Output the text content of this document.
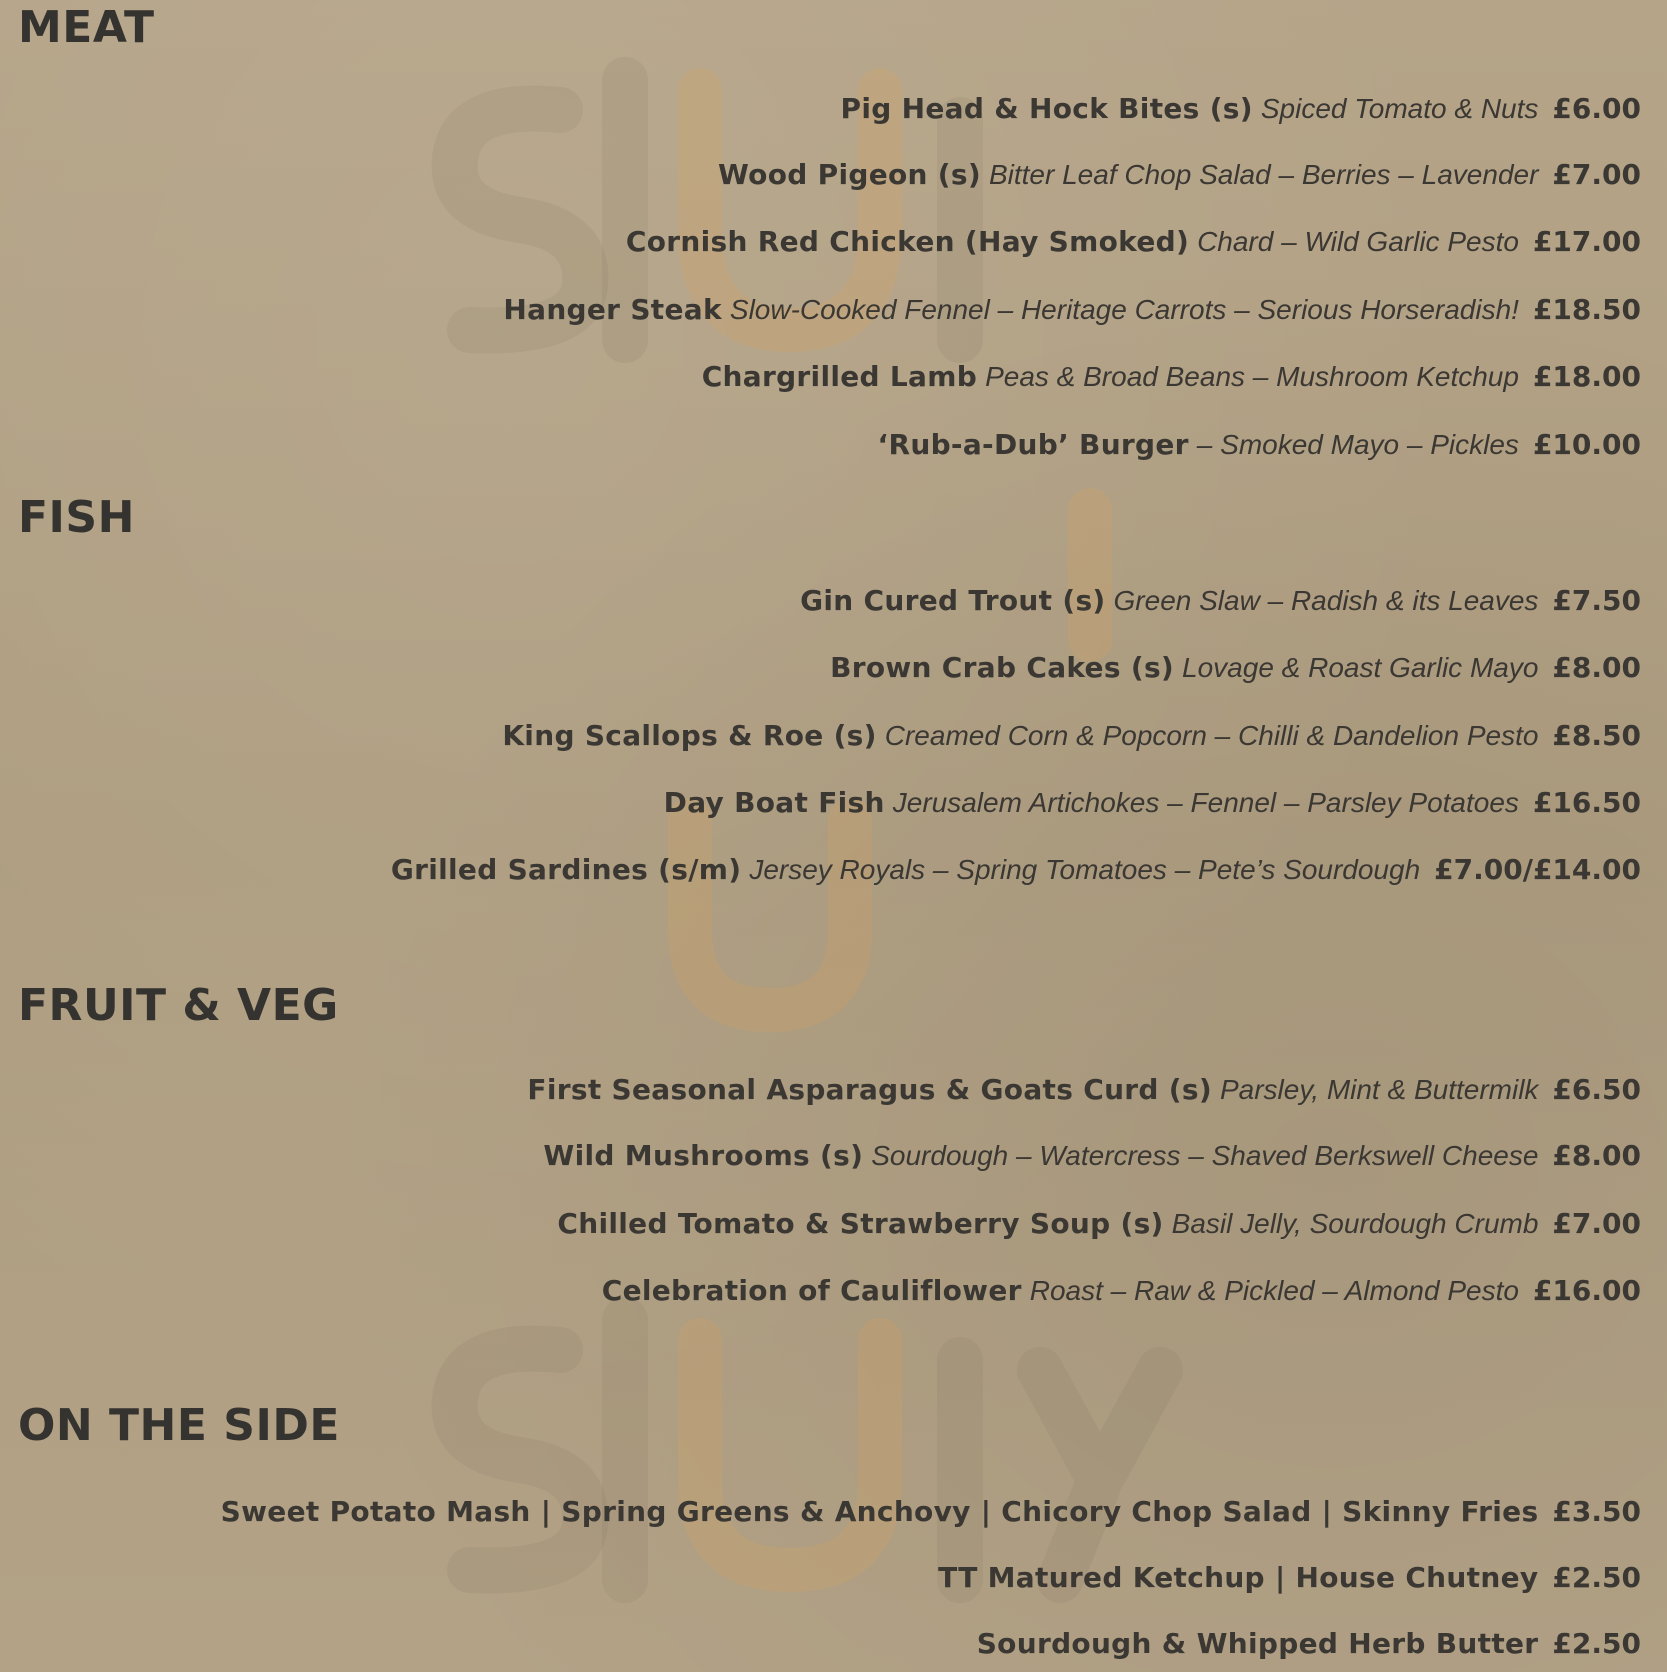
MEAT
Pig Head & Hock Bites (s) Spiced Tomato & Nuts £6.00
Wood Pigeon (s) Bitter Leaf Chop Salad – Berries – Lavender £7.00
Cornish Red Chicken (Hay Smoked) Chard – Wild Garlic Pesto £17.00
Hanger Steak Slow-Cooked Fennel – Heritage Carrots – Serious Horseradish! £18.50
Chargrilled Lamb Peas & Broad Beans – Mushroom Ketchup £18.00
‘Rub-a-Dub’ Burger – Smoked Mayo – Pickles £10.00
FISH
Gin Cured Trout (s) Green Slaw – Radish & its Leaves £7.50
Brown Crab Cakes (s) Lovage & Roast Garlic Mayo £8.00
King Scallops & Roe (s) Creamed Corn & Popcorn – Chilli & Dandelion Pesto £8.50
Day Boat Fish Jerusalem Artichokes – Fennel – Parsley Potatoes £16.50
Grilled Sardines (s/m) Jersey Royals – Spring Tomatoes – Pete’s Sourdough £7.00/£14.00
FRUIT & VEG
First Seasonal Asparagus & Goats Curd (s) Parsley, Mint & Buttermilk £6.50
Wild Mushrooms (s) Sourdough – Watercress – Shaved Berkswell Cheese £8.00
Chilled Tomato & Strawberry Soup (s) Basil Jelly, Sourdough Crumb £7.00
Celebration of Cauliflower Roast – Raw & Pickled – Almond Pesto £16.00
ON THE SIDE
Sweet Potato Mash | Spring Greens & Anchovy | Chicory Chop Salad | Skinny Fries £3.50
TT Matured Ketchup | House Chutney £2.50
Sourdough & Whipped Herb Butter £2.50
